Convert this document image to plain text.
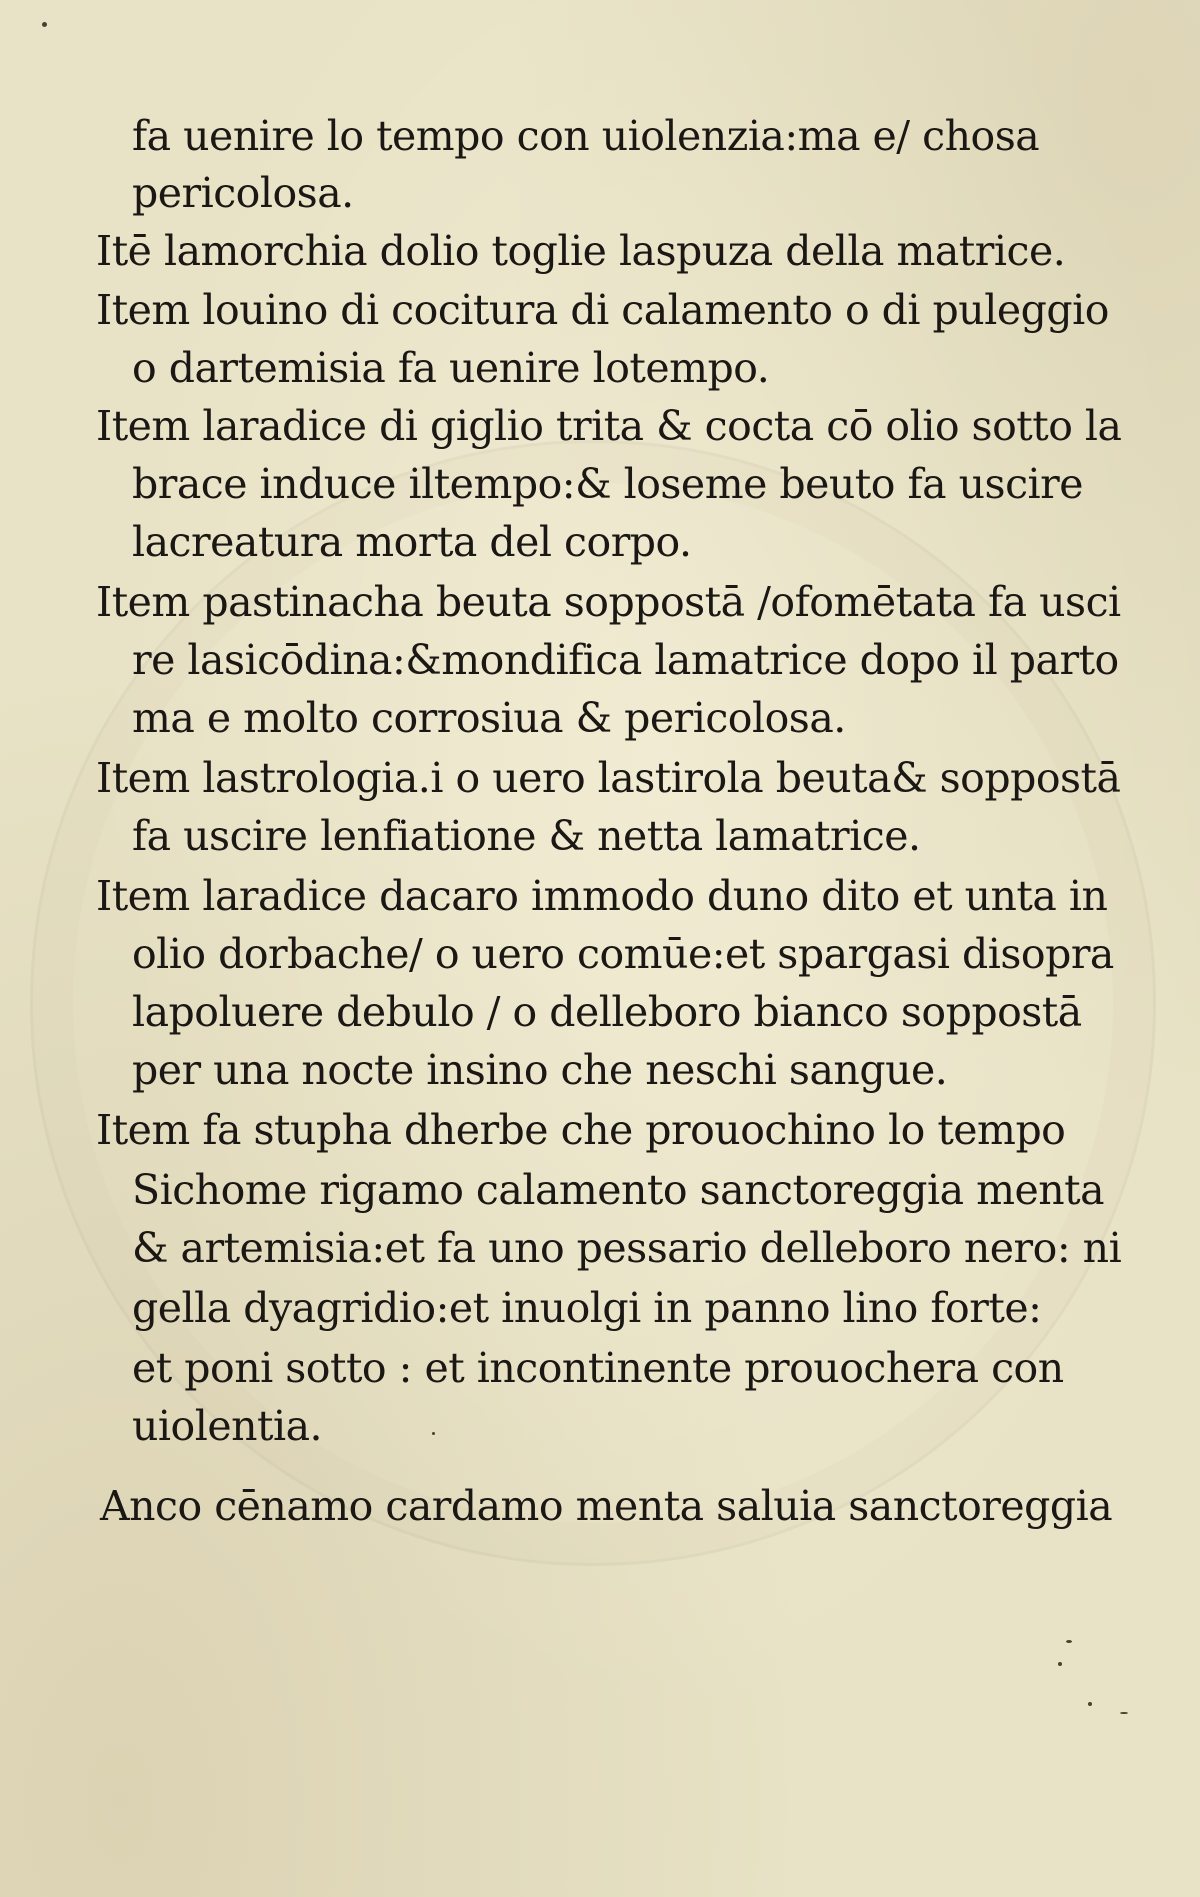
fa uenire lo tempo con uiolenzia:ma e/ chosa
pericolosa.
Itē lamorchia dolio toglie laspuza della matrice.
Item louino di cocitura di calamento o di puleggio
o dartemisia fa uenire lotempo.
Item laradice di giglio trita & cocta cō olio sotto la
brace induce iltempo:& loseme beuto fa uscire
lacreatura morta del corpo.
Item pastinacha beuta soppostā /ofomētata fa usci
re lasicōdina:&mondifica lamatrice dopo il parto
ma e molto corrosiua & pericolosa.
Item lastrologia.i o uero lastirola beuta& soppostā
fa uscire lenfiatione & netta lamatrice.
Item laradice dacaro immodo duno dito et unta in
olio dorbache/ o uero comūe:et spargasi disopra
lapoluere debulo / o delleboro bianco soppostā
per una nocte insino che neschi sangue.
Item fa stupha dherbe che prouochino lo tempo
Sichome rigamo calamento sanctoreggia menta
& artemisia:et fa uno pessario delleboro nero: ni
gella dyagridio:et inuolgi in panno lino forte:
et poni sotto : et incontinente prouochera con
uiolentia.
Anco cēnamo cardamo menta saluia sanctoreggia
